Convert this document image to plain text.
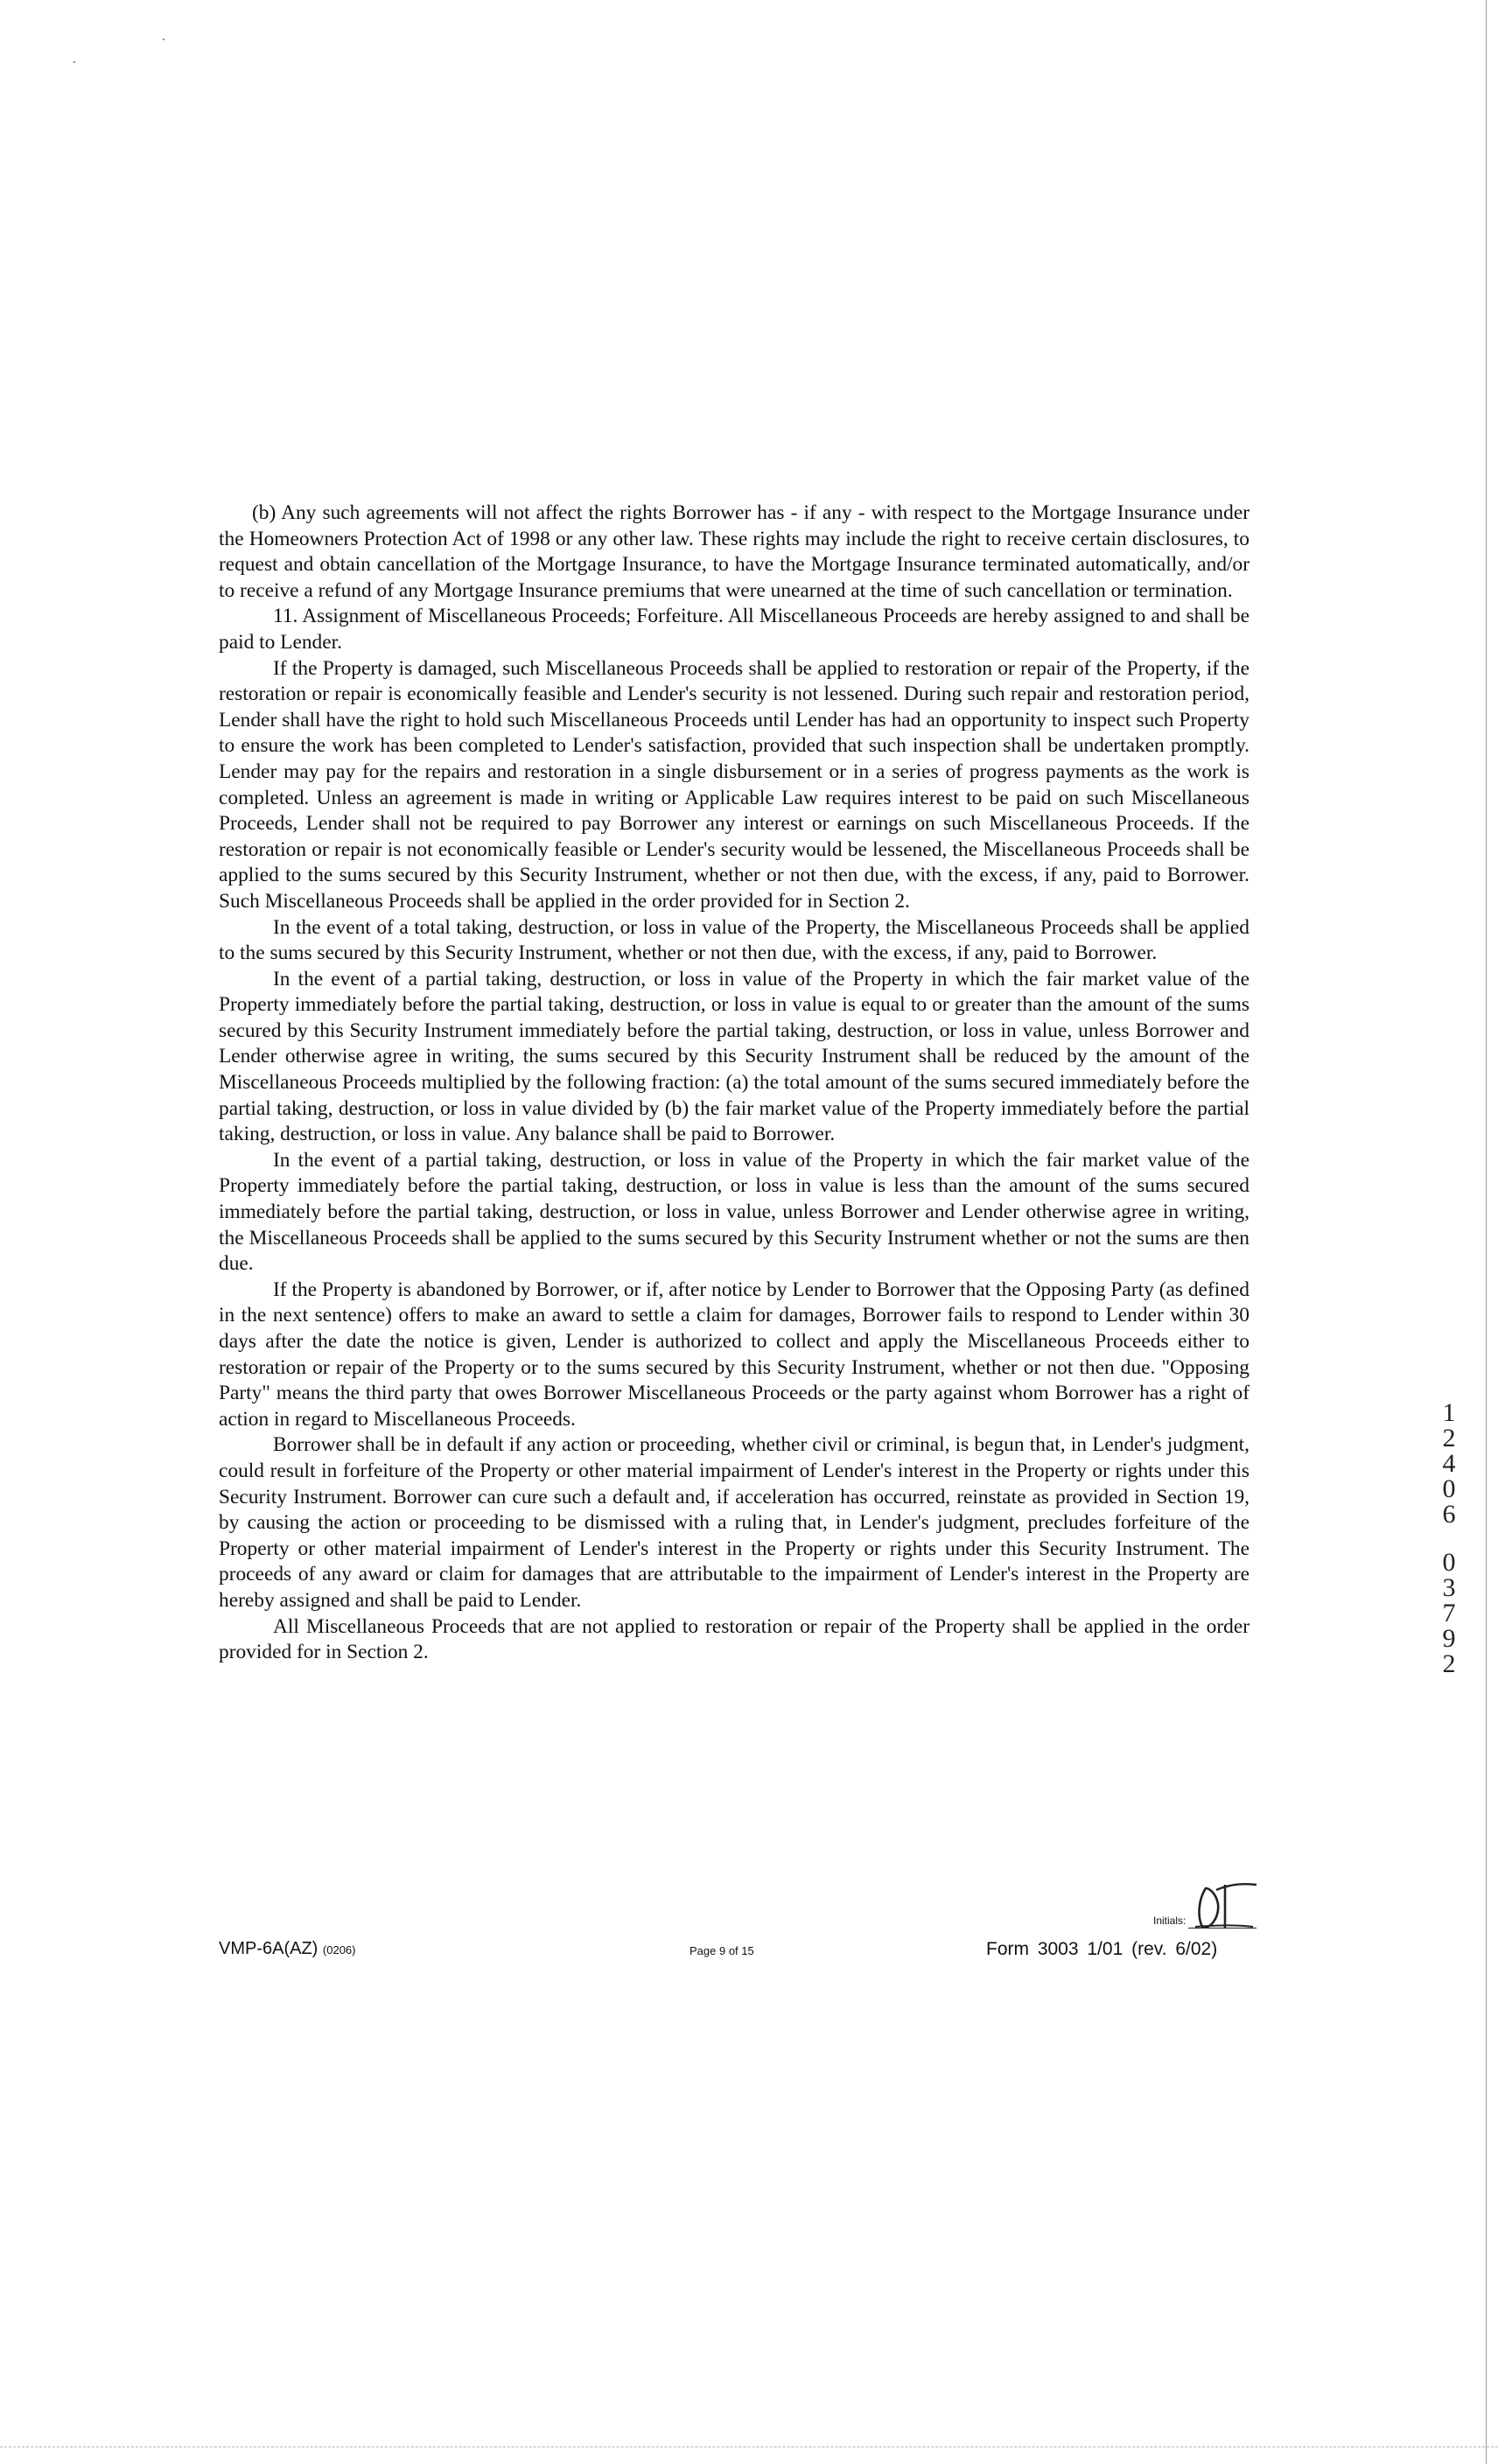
(b) Any such agreements will not affect the rights Borrower has - if any - with respect to the Mortgage Insurance under the Homeowners Protection Act of 1998 or any other law. These rights may include the right to receive certain disclosures, to request and obtain cancellation of the Mortgage Insurance, to have the Mortgage Insurance terminated automatically, and/or to receive a refund of any Mortgage Insurance premiums that were unearned at the time of such cancellation or termination.

11. Assignment of Miscellaneous Proceeds; Forfeiture. All Miscellaneous Proceeds are hereby assigned to and shall be paid to Lender.

If the Property is damaged, such Miscellaneous Proceeds shall be applied to restoration or repair of the Property, if the restoration or repair is economically feasible and Lender's security is not lessened. During such repair and restoration period, Lender shall have the right to hold such Miscellaneous Proceeds until Lender has had an opportunity to inspect such Property to ensure the work has been completed to Lender's satisfaction, provided that such inspection shall be undertaken promptly. Lender may pay for the repairs and restoration in a single disbursement or in a series of progress payments as the work is completed. Unless an agreement is made in writing or Applicable Law requires interest to be paid on such Miscellaneous Proceeds, Lender shall not be required to pay Borrower any interest or earnings on such Miscellaneous Proceeds. If the restoration or repair is not economically feasible or Lender's security would be lessened, the Miscellaneous Proceeds shall be applied to the sums secured by this Security Instrument, whether or not then due, with the excess, if any, paid to Borrower. Such Miscellaneous Proceeds shall be applied in the order provided for in Section 2.

In the event of a total taking, destruction, or loss in value of the Property, the Miscellaneous Proceeds shall be applied to the sums secured by this Security Instrument, whether or not then due, with the excess, if any, paid to Borrower.

In the event of a partial taking, destruction, or loss in value of the Property in which the fair market value of the Property immediately before the partial taking, destruction, or loss in value is equal to or greater than the amount of the sums secured by this Security Instrument immediately before the partial taking, destruction, or loss in value, unless Borrower and Lender otherwise agree in writing, the sums secured by this Security Instrument shall be reduced by the amount of the Miscellaneous Proceeds multiplied by the following fraction: (a) the total amount of the sums secured immediately before the partial taking, destruction, or loss in value divided by (b) the fair market value of the Property immediately before the partial taking, destruction, or loss in value. Any balance shall be paid to Borrower.

In the event of a partial taking, destruction, or loss in value of the Property in which the fair market value of the Property immediately before the partial taking, destruction, or loss in value is less than the amount of the sums secured immediately before the partial taking, destruction, or loss in value, unless Borrower and Lender otherwise agree in writing, the Miscellaneous Proceeds shall be applied to the sums secured by this Security Instrument whether or not the sums are then due.

If the Property is abandoned by Borrower, or if, after notice by Lender to Borrower that the Opposing Party (as defined in the next sentence) offers to make an award to settle a claim for damages, Borrower fails to respond to Lender within 30 days after the date the notice is given, Lender is authorized to collect and apply the Miscellaneous Proceeds either to restoration or repair of the Property or to the sums secured by this Security Instrument, whether or not then due. "Opposing Party" means the third party that owes Borrower Miscellaneous Proceeds or the party against whom Borrower has a right of action in regard to Miscellaneous Proceeds.

Borrower shall be in default if any action or proceeding, whether civil or criminal, is begun that, in Lender's judgment, could result in forfeiture of the Property or other material impairment of Lender's interest in the Property or rights under this Security Instrument. Borrower can cure such a default and, if acceleration has occurred, reinstate as provided in Section 19, by causing the action or proceeding to be dismissed with a ruling that, in Lender's judgment, precludes forfeiture of the Property or other material impairment of Lender's interest in the Property or rights under this Security Instrument. The proceeds of any award or claim for damages that are attributable to the impairment of Lender's interest in the Property are hereby assigned and shall be paid to Lender.

All Miscellaneous Proceeds that are not applied to restoration or repair of the Property shall be applied in the order provided for in Section 2.

Initials:
VMP-6A(AZ) (0206)	Page 9 of 15	Form 3003 1/01 (rev. 6/02)
1
2
4
0
6
0
3
7
9
2
